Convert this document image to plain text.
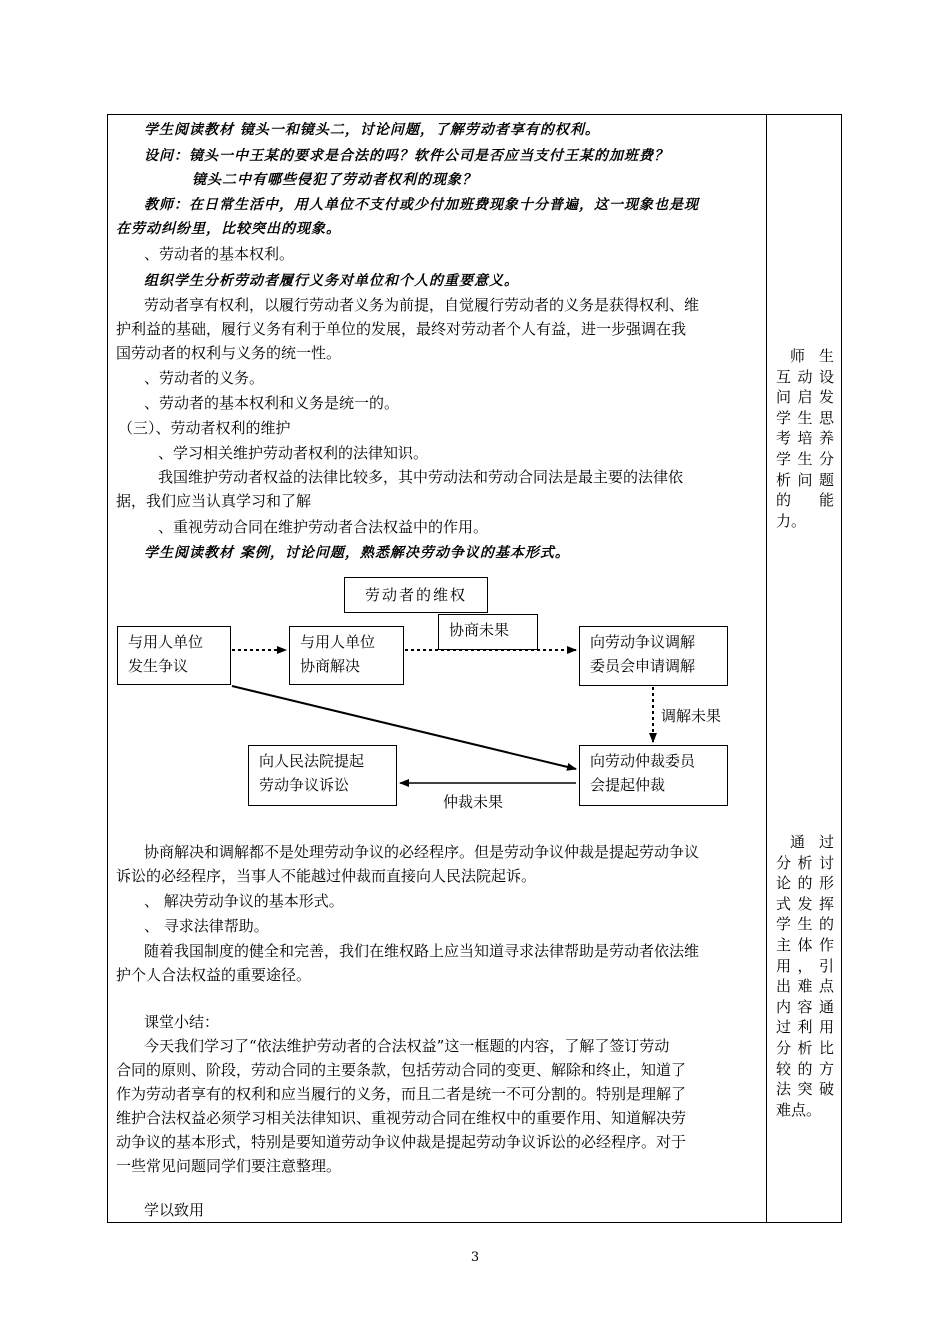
学生阅读教材 镜头一和镜头二，讨论问题，了解劳动者享有的权利。
设问：镜头一中王某的要求是合法的吗？软件公司是否应当支付王某的加班费？
镜头二中有哪些侵犯了劳动者权利的现象？
教师：在日常生活中，用人单位不支付或少付加班费现象十分普遍，这一现象也是现
在劳动纠纷里，比较突出的现象。
、劳动者的基本权利。
组织学生分析劳动者履行义务对单位和个人的重要意义。
劳动者享有权利，以履行劳动者义务为前提，自觉履行劳动者的义务是获得权利、维
护利益的基础，履行义务有利于单位的发展，最终对劳动者个人有益，进一步强调在我
国劳动者的权利与义务的统一性。
、劳动者的义务。
、劳动者的基本权利和义务是统一的。
（三）、劳动者权利的维护
、学习相关维护劳动者权利的法律知识。
我国维护劳动者权益的法律比较多，其中劳动法和劳动合同法是最主要的法律依
据，我们应当认真学习和了解
、重视劳动合同在维护劳动者合法权益中的作用。
学生阅读教材 案例，讨论问题，熟悉解决劳动争议的基本形式。
劳动者的维权
与用人单位
发生争议
与用人单位
协商解决
向劳动争议调解
委员会申请调解
向劳动仲裁委员
会提起仲裁
向人民法院提起
劳动争议诉讼
协商未果
调解未果
仲裁未果
协商解决和调解都不是处理劳动争议的必经程序。但是劳动争议仲裁是提起劳动争议
诉讼的必经程序，当事人不能越过仲裁而直接向人民法院起诉。
、 解决劳动争议的基本形式。
、 寻求法律帮助。
随着我国制度的健全和完善，我们在维权路上应当知道寻求法律帮助是劳动者依法维
护个人合法权益的重要途径。
课堂小结：
今天我们学习了“依法维护劳动者的合法权益”这一框题的内容，了解了签订劳动
合同的原则、阶段，劳动合同的主要条款，包括劳动合同的变更、解除和终止，知道了
作为劳动者享有的权利和应当履行的义务，而且二者是统一不可分割的。特别是理解了
维护合法权益必须学习相关法律知识、重视劳动合同在维权中的重要作用、知道解决劳
动争议的基本形式，特别是要知道劳动争议仲裁是提起劳动争议诉讼的必经程序。对于
一些常见问题同学们要注意整理。
学以致用
师生
互动设
问启发
学生思
考培养
学生分
析问题
的能
力。
通过
分析讨
论的形
式发挥
学生的
主体作
用，引
出难点
内容通
过利用
分析比
较的方
法突破
难点。
3
